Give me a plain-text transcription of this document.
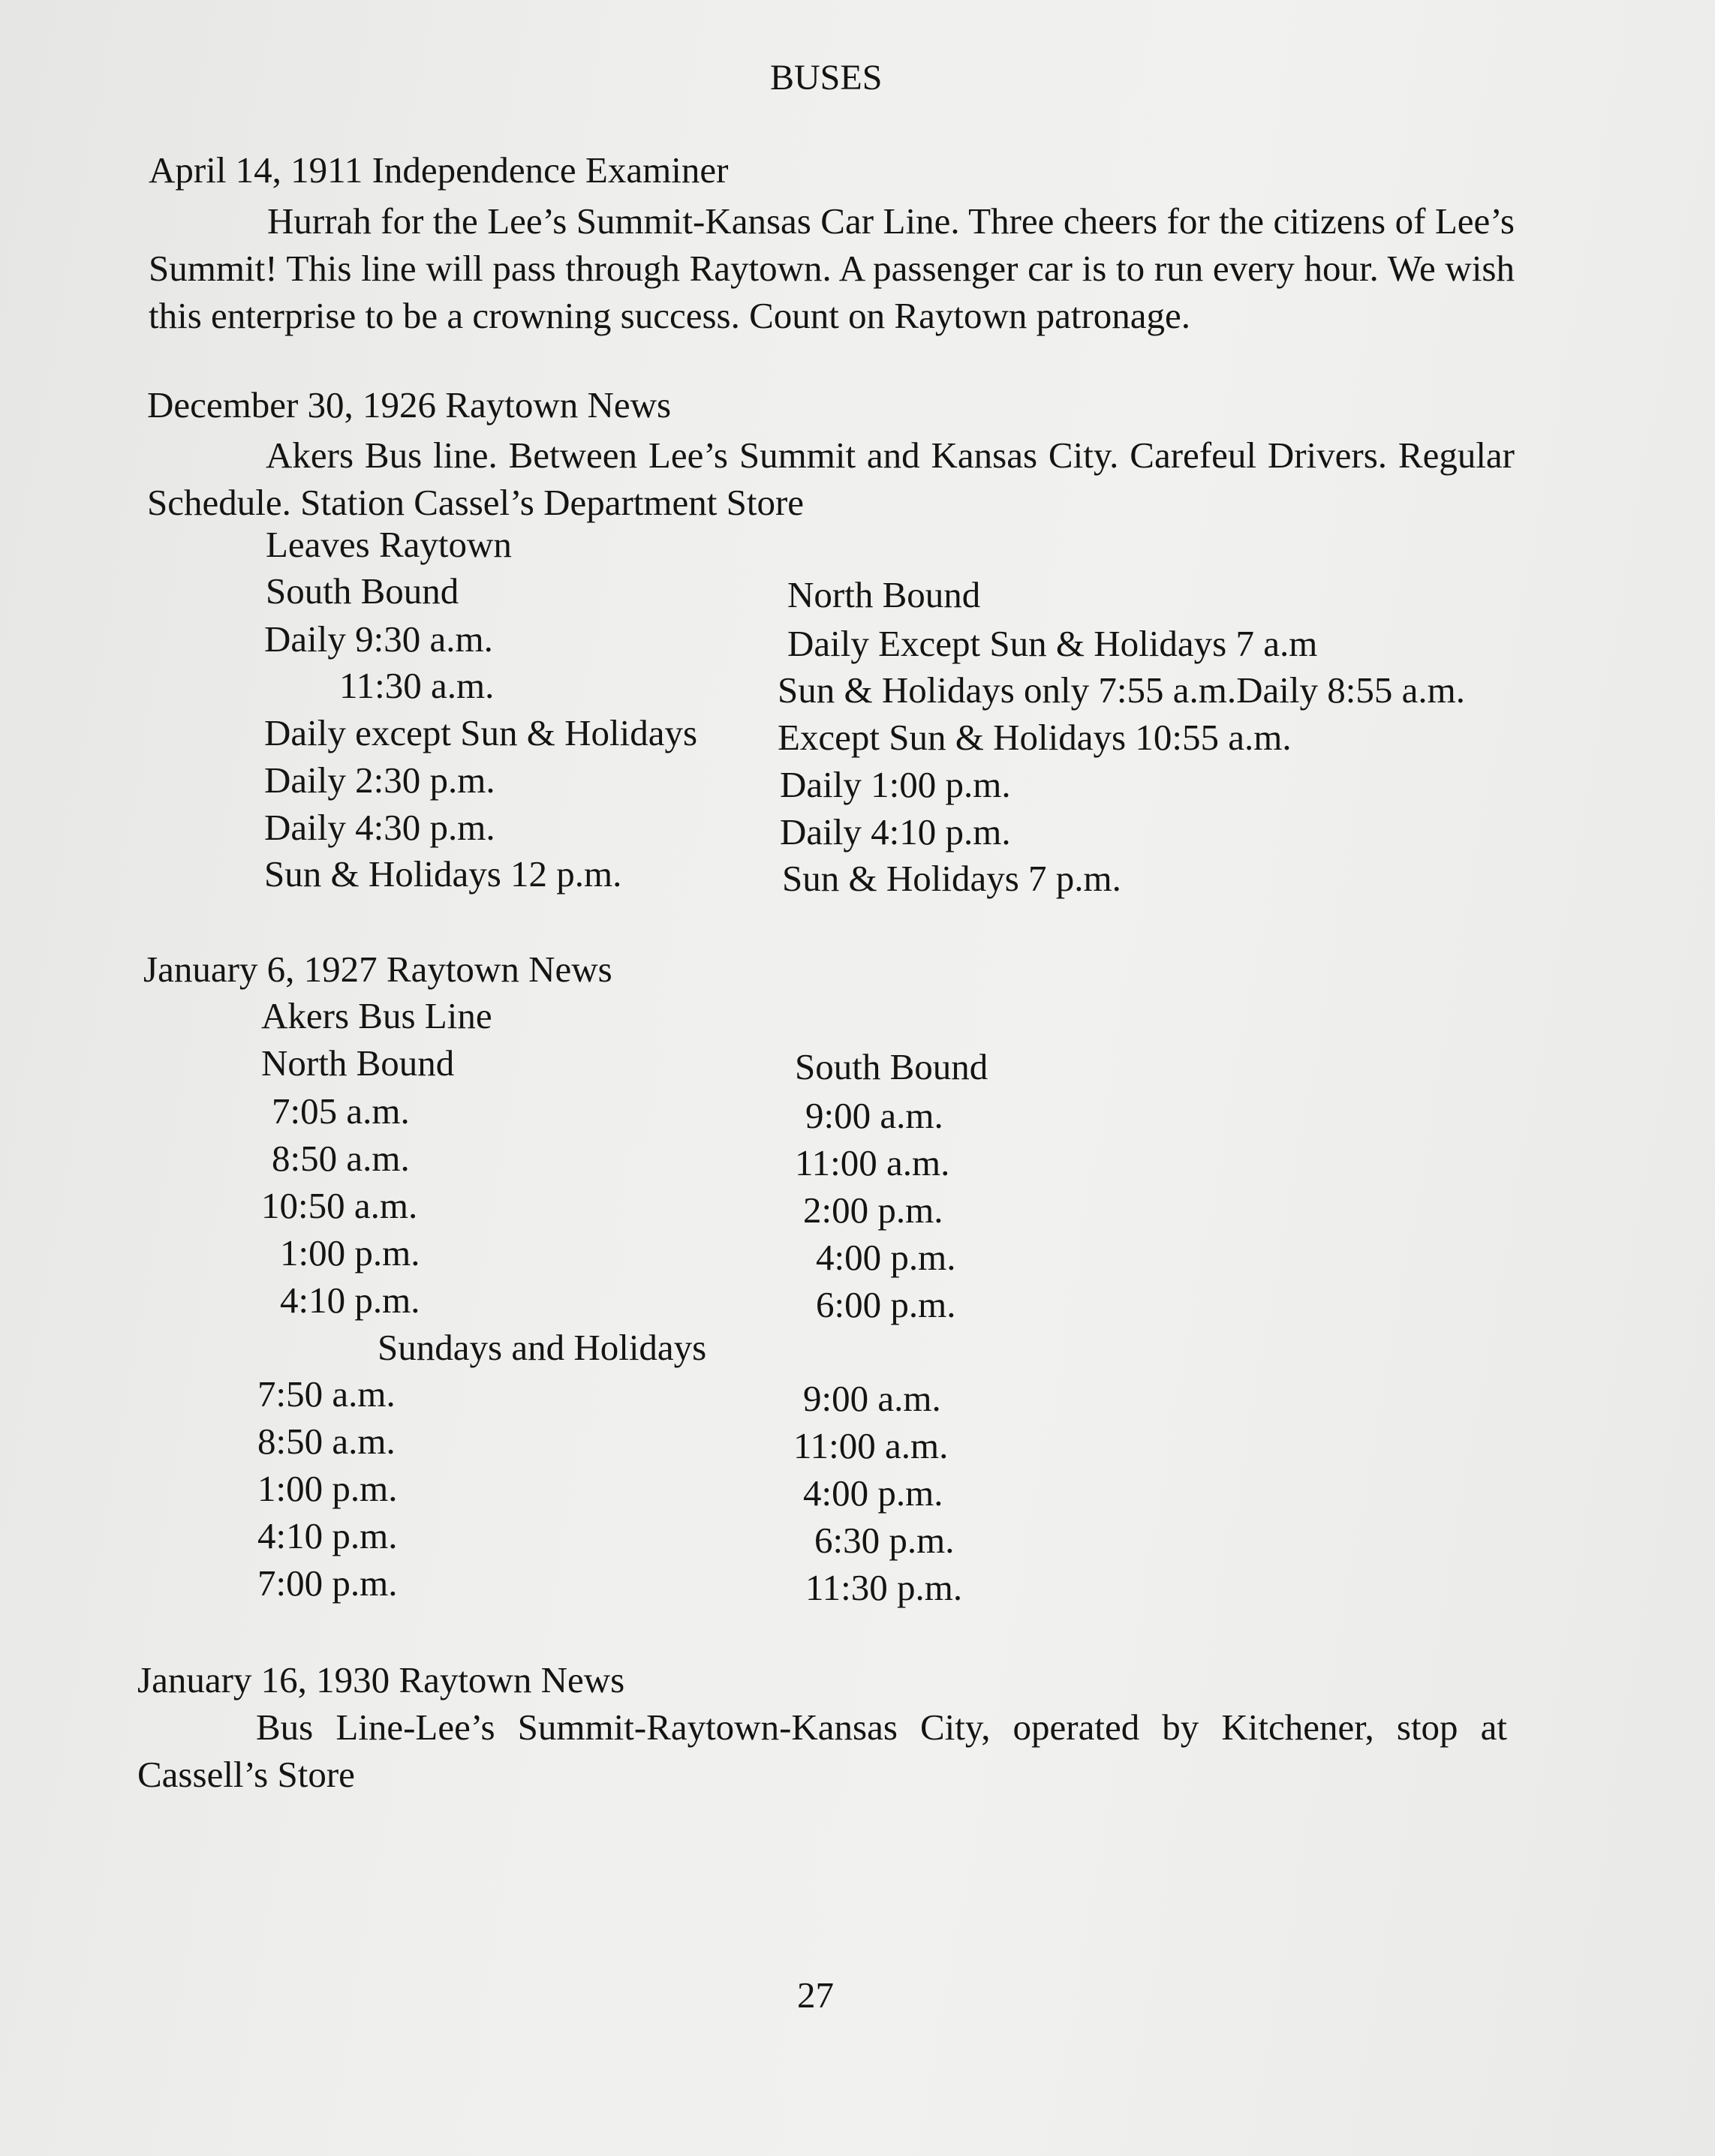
BUSES
April 14, 1911 Independence Examiner
Hurrah for the Lee’s Summit-Kansas Car Line. Three cheers for the citizens of Lee’s Summit! This line will pass through Raytown. A passenger car is to run every hour. We wish this enterprise to be a crowning success. Count on Raytown patronage.
December 30, 1926 Raytown News
Akers Bus line. Between Lee’s Summit and Kansas City. Carefeul Drivers. Regular Schedule. Station Cassel’s Department Store
Leaves Raytown
South Bound	North Bound
Daily 9:30 a.m.
11:30 a.m.
Daily except Sun & Holidays
Daily 2:30 p.m.
Daily 4:30 p.m.
Sun & Holidays 12 p.m.
Daily Except Sun & Holidays 7 a.m
Sun & Holidays only 7:55 a.m.Daily 8:55 a.m.
Except Sun & Holidays 10:55 a.m.
Daily 1:00 p.m.
Daily 4:10 p.m.
Sun & Holidays 7 p.m.
January 6, 1927 Raytown News
Akers Bus Line
North Bound	South Bound
7:05 a.m.
8:50 a.m.
10:50 a.m.
1:00 p.m.
4:10 p.m.
9:00 a.m.
11:00 a.m.
2:00 p.m.
4:00 p.m.
6:00 p.m.
Sundays and Holidays
7:50 a.m.
8:50 a.m.
1:00 p.m.
4:10 p.m.
7:00 p.m.
9:00 a.m.
11:00 a.m.
4:00 p.m.
6:30 p.m.
11:30 p.m.
January 16, 1930 Raytown News
Bus Line-Lee’s Summit-Raytown-Kansas City, operated by Kitchener, stop at Cassell’s Store
27
